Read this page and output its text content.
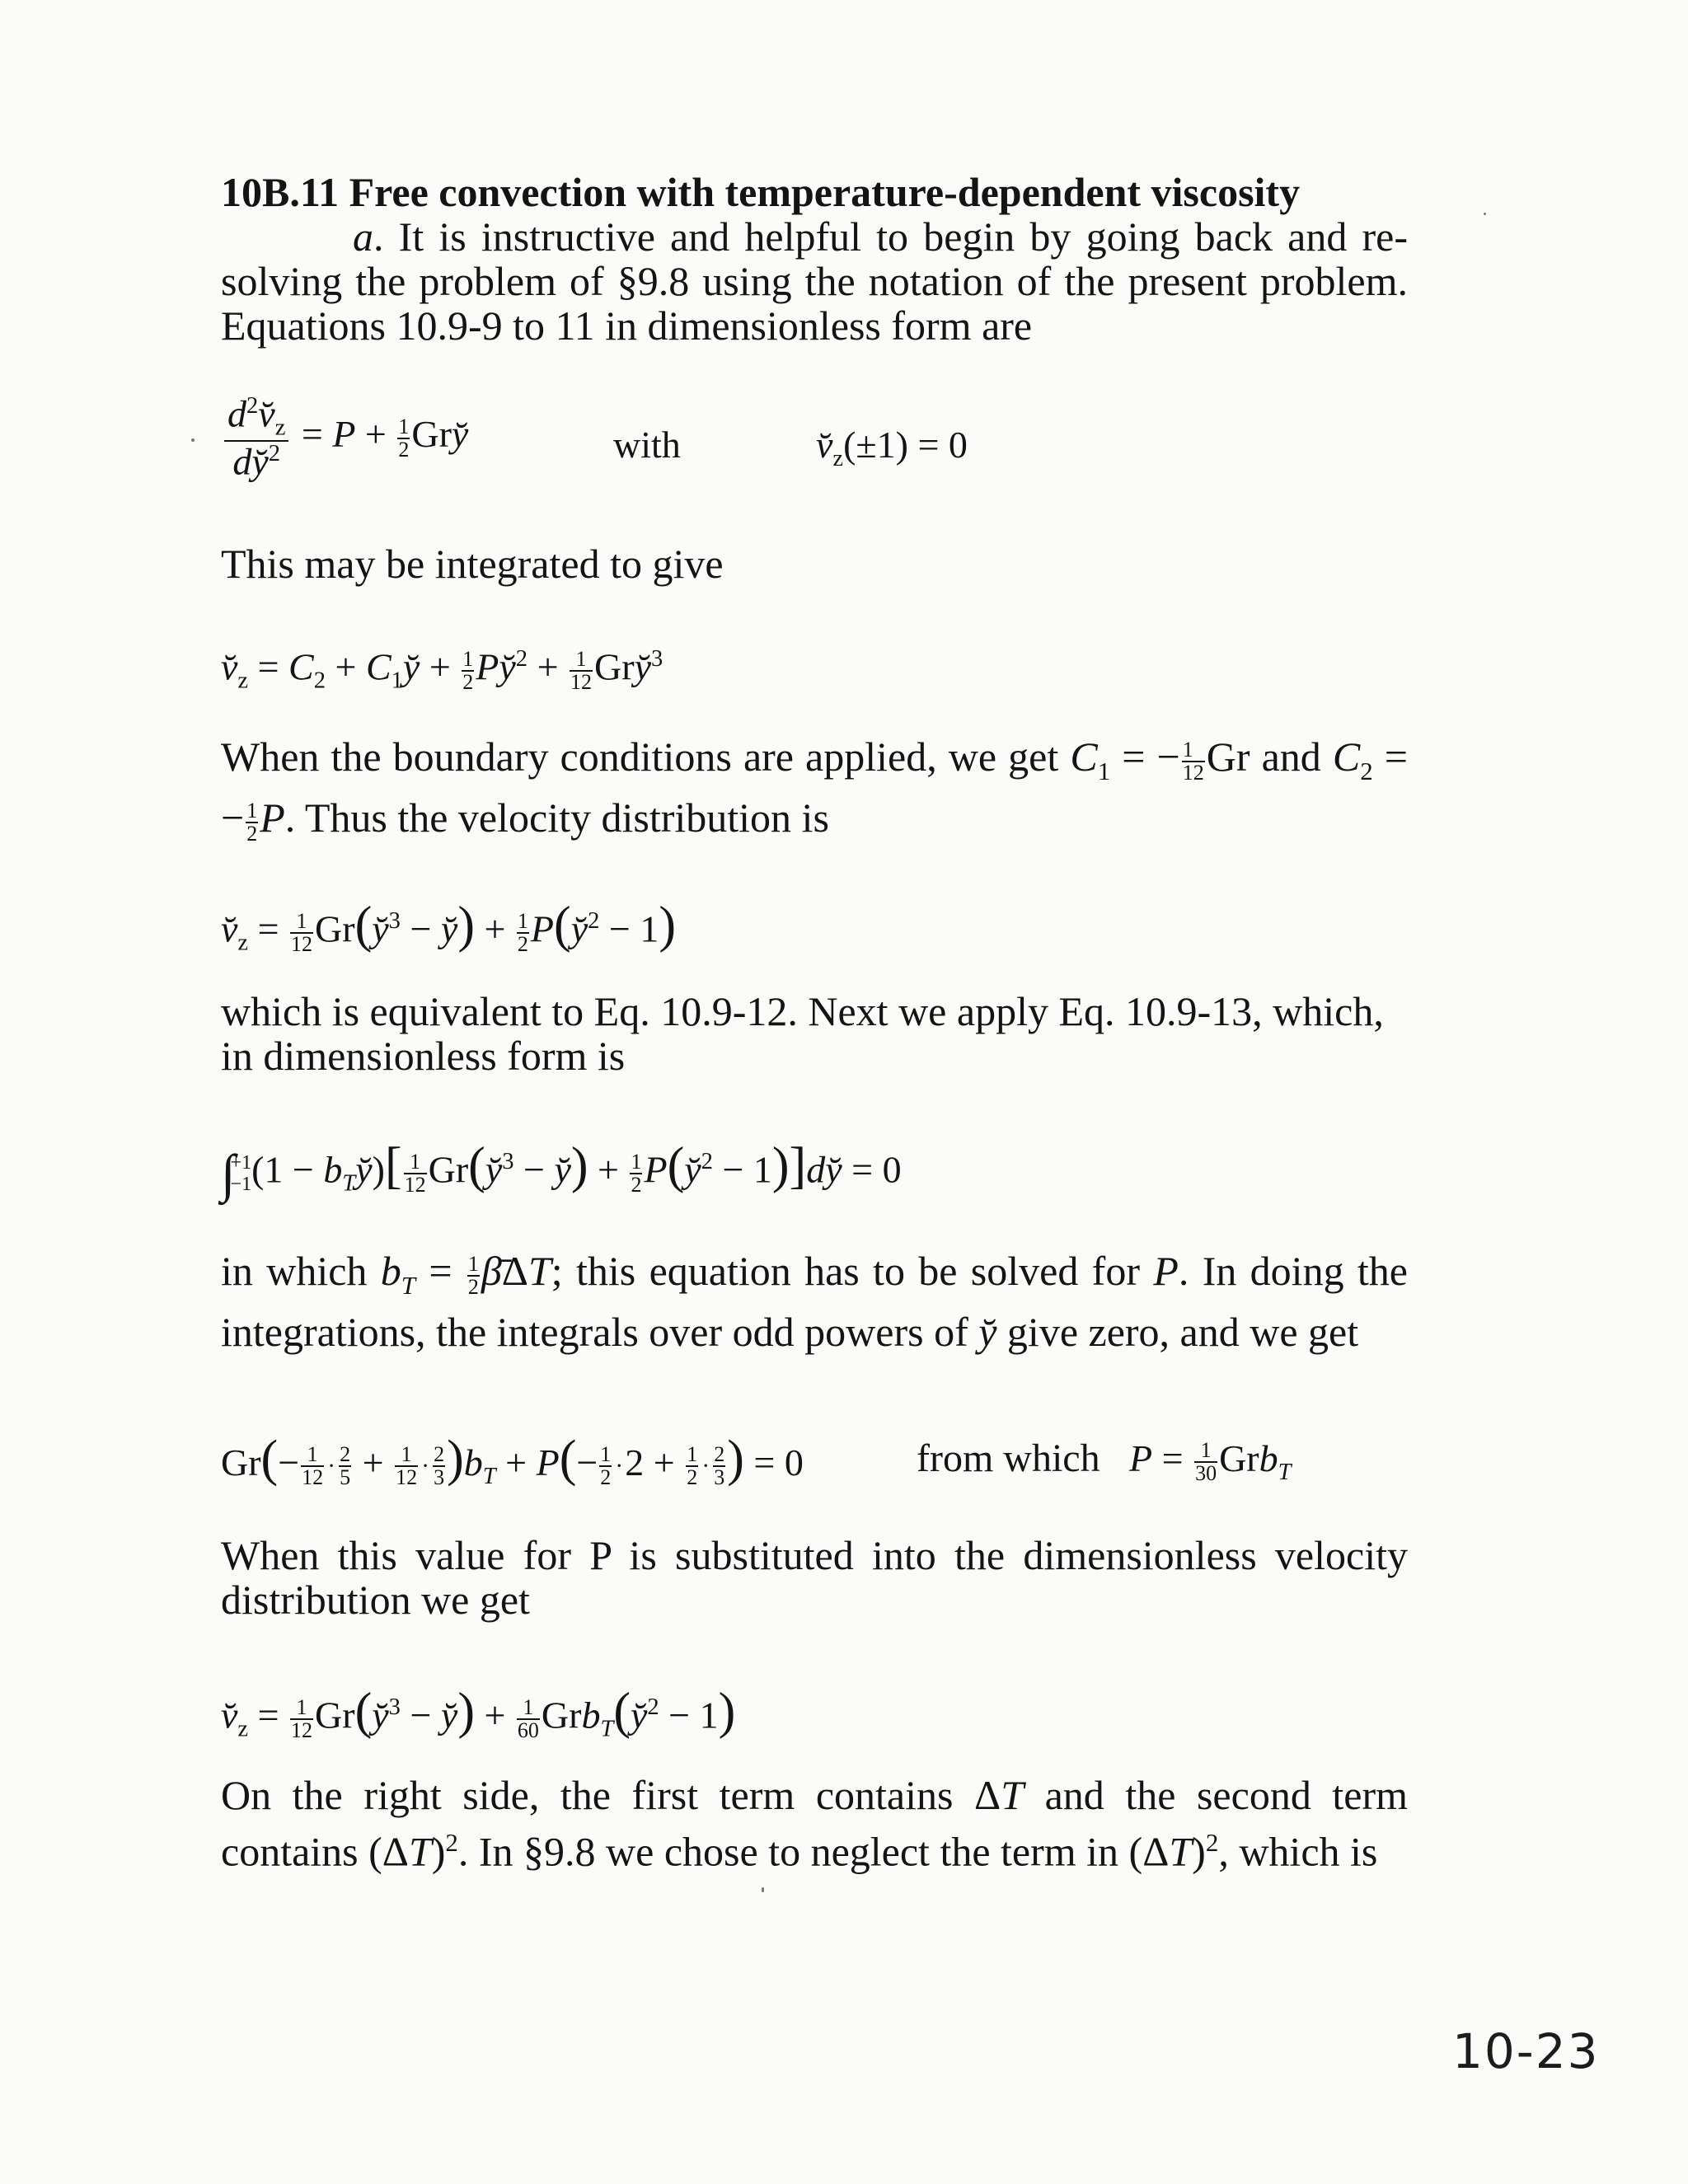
10B.11 Free convection with temperature-dependent viscosity
a. It is instructive and helpful to begin by going back and re-solving the problem of §9.8 using the notation of the present problem. Equations 10.9-9 to 11 in dimensionless form are
$\frac{d^2v̆_z}{dy̆^2} = P + \frac{1}{2}$ Gry̆	with	$v̆_z(\pm 1) = 0$
This may be integrated to give
$v̆_z = C_2$ + $C_1y̆ + \frac{1}{2}$ Py̆$^2$ + $\frac{1}{12}$ Gry̆$^3$
When the boundary conditions are applied, we get $C_1$ = − $\frac{1}{12}$ Gr and $C_2$ = − $\frac{1}{2} P$. Thus the velocity distribution is
$v̆_z = \frac{1}{12}$ Gr(y̆$^3$ − y̆) + $\frac{1}{2}$ P(y̆$^2$ − 1)
which is equivalent to Eq. 10.9-12. Next we apply Eq. 10.9-13, which, in dimensionless form is
∫
+1
−1 $(1 - b_Ty̆)[ \frac{1}{12}$ Gr(y̆$^3$ − y̆) + $\frac{1}{2}$ P(y̆$^2$ − 1)]dy̆ = 0
in which $b_T = \frac{1}{2}$ β̄ΔT; this equation has to be solved for P. In doing the integrations, the integrals over odd powers of y̆ give zero, and we get
$Gr(- \frac{1}{12} \cdot \frac{2}{5} + \frac{1}{12} \cdot \frac{2}{3} )b_T + P(- \frac{1}{2} \cdot 2 + \frac{1}{2} \cdot \frac{2}{3}$ ) = 0	from which $P = \frac{1}{30} Grb_T$
When this value for P is substituted into the dimensionless velocity distribution we get
$v̆_z = \frac{1}{12}$ Gr(y̆$^3$ − y̆) + $\frac{1}{60}$ Grb$_T$(y̆$^2$ − 1)
On the right side, the first term contains ΔT and the second term contains $(\Delta T)^2$. In §9.8 we chose to neglect the term in $(\Delta T)^2$, which is
10-23
